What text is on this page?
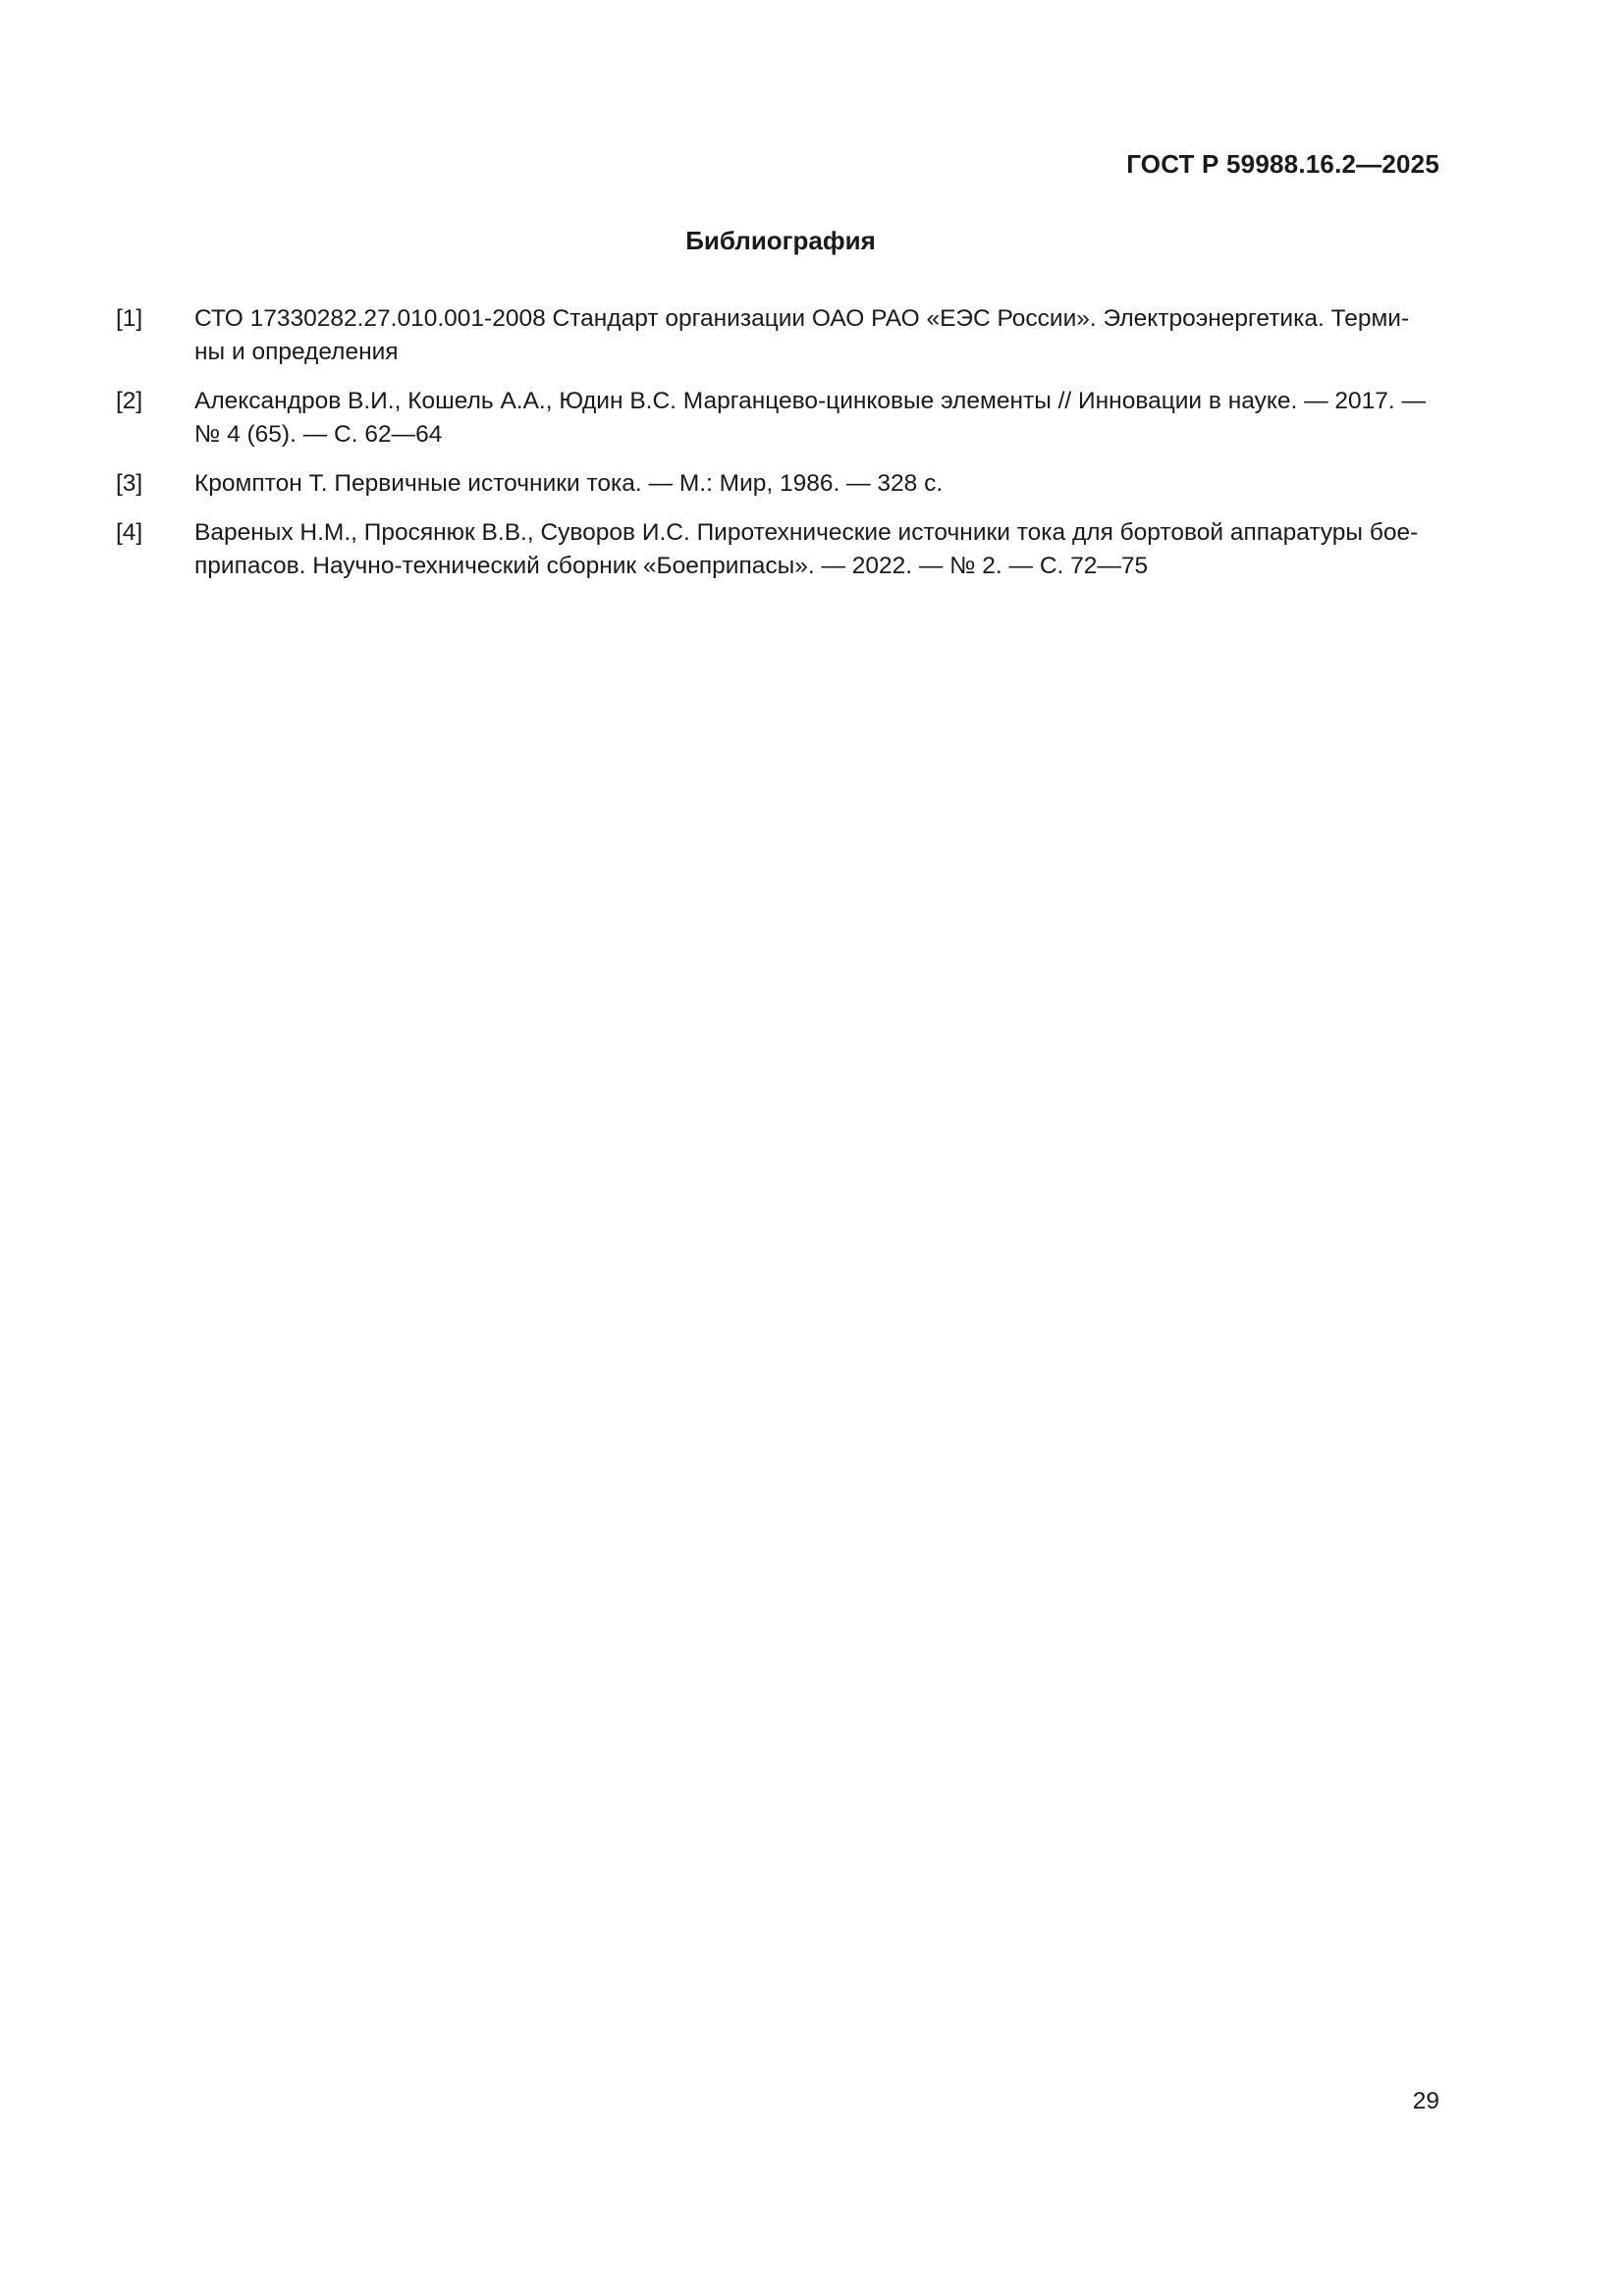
ГОСТ Р 59988.16.2—2025
Библиография
[1]	СТО 17330282.27.010.001-2008 Стандарт организации ОАО РАО «ЕЭС России». Электроэнергетика. Терми-
ны и определения
[2]	Александров В.И., Кошель А.А., Юдин В.С. Марганцево-цинковые элементы // Инновации в науке. — 2017. —
№ 4 (65). — С. 62—64
[3]	Кромптон Т. Первичные источники тока. — М.: Мир, 1986. — 328 с.
[4]	Вареных Н.М., Просянюк В.В., Суворов И.С. Пиротехнические источники тока для бортовой аппаратуры бое-
припасов. Научно-технический сборник «Боеприпасы». — 2022. — № 2. — С. 72—75
29
